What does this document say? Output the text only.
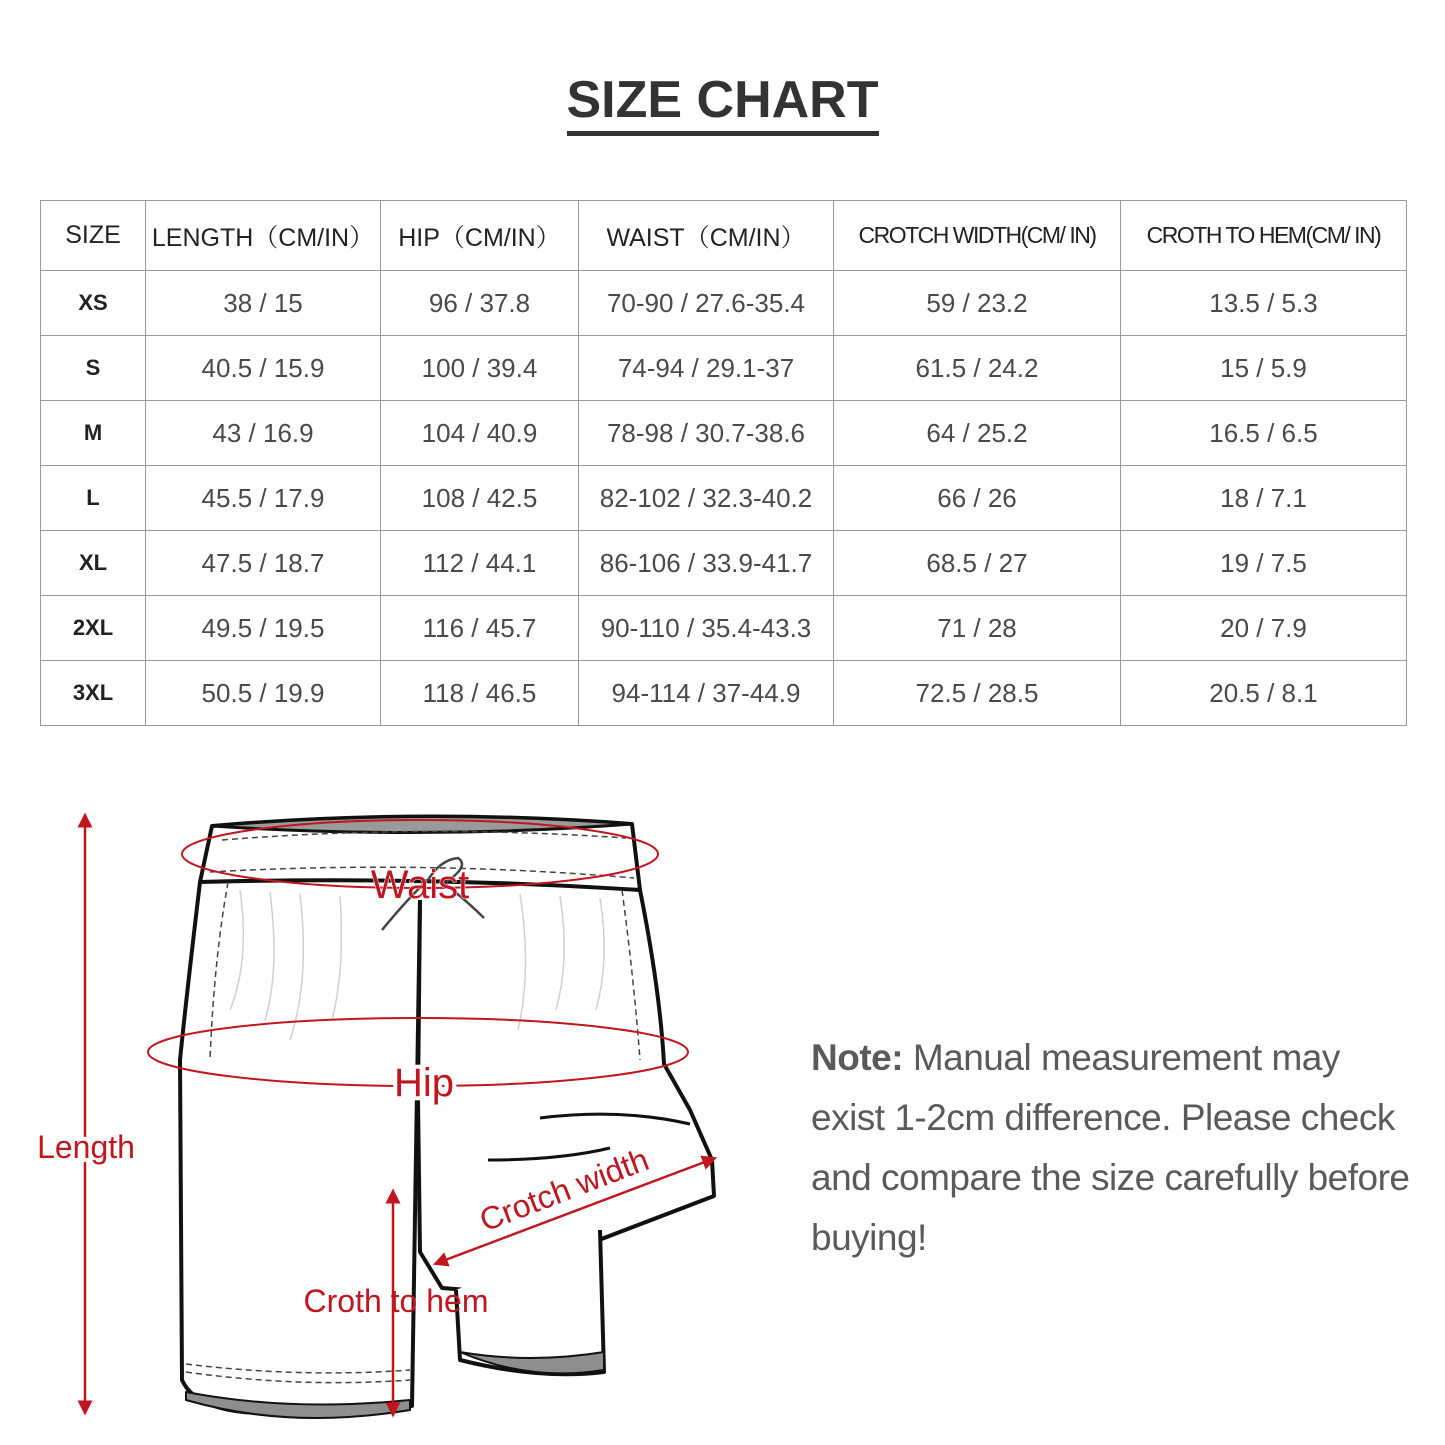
SIZE CHART
SIZE	LENGTH（CM/IN）	HIP（CM/IN）	WAIST（CM/IN）	CROTCH WIDTH(CM/ IN)	CROTH TO HEM(CM/ IN)
XS	38 / 15	96 / 37.8	70-90 / 27.6-35.4	59 / 23.2	13.5 / 5.3
S	40.5 / 15.9	100 / 39.4	74-94 / 29.1-37	61.5 / 24.2	15 / 5.9
M	43 / 16.9	104 / 40.9	78-98 / 30.7-38.6	64 / 25.2	16.5 / 6.5
L	45.5 / 17.9	108 / 42.5	82-102 / 32.3-40.2	66 / 26	18 / 7.1
XL	47.5 / 18.7	112 / 44.1	86-106 / 33.9-41.7	68.5 / 27	19 / 7.5
2XL	49.5 / 19.5	116 / 45.7	90-110 / 35.4-43.3	71 / 28	20 / 7.9
3XL	50.5 / 19.9	118 / 46.5	94-114 / 37-44.9	72.5 / 28.5	20.5 / 8.1
Waist
Hip
Length	Crotch width
Croth to hem
Note: Manual measurement may exist 1-2cm difference. Please check and compare the size carefully before buying!
